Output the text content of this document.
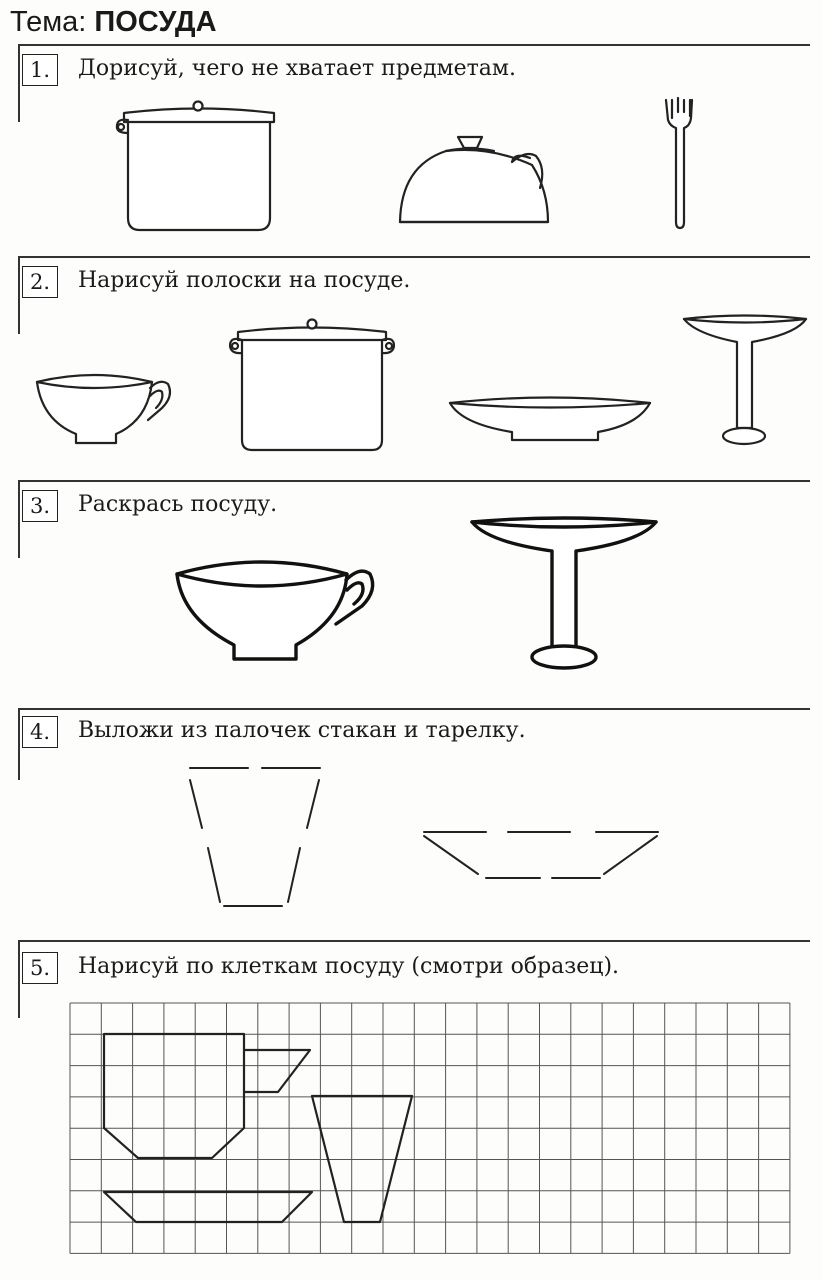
Тема: ПОСУДА
1.	Дорисуй, чего не хватает предметам.
2.	Нарисуй полоски на посуде.
3.	Раскрась посуду.
4.	Выложи из палочек стакан и тарелку.
5.	Нарисуй по клеткам посуду (смотри образец).
